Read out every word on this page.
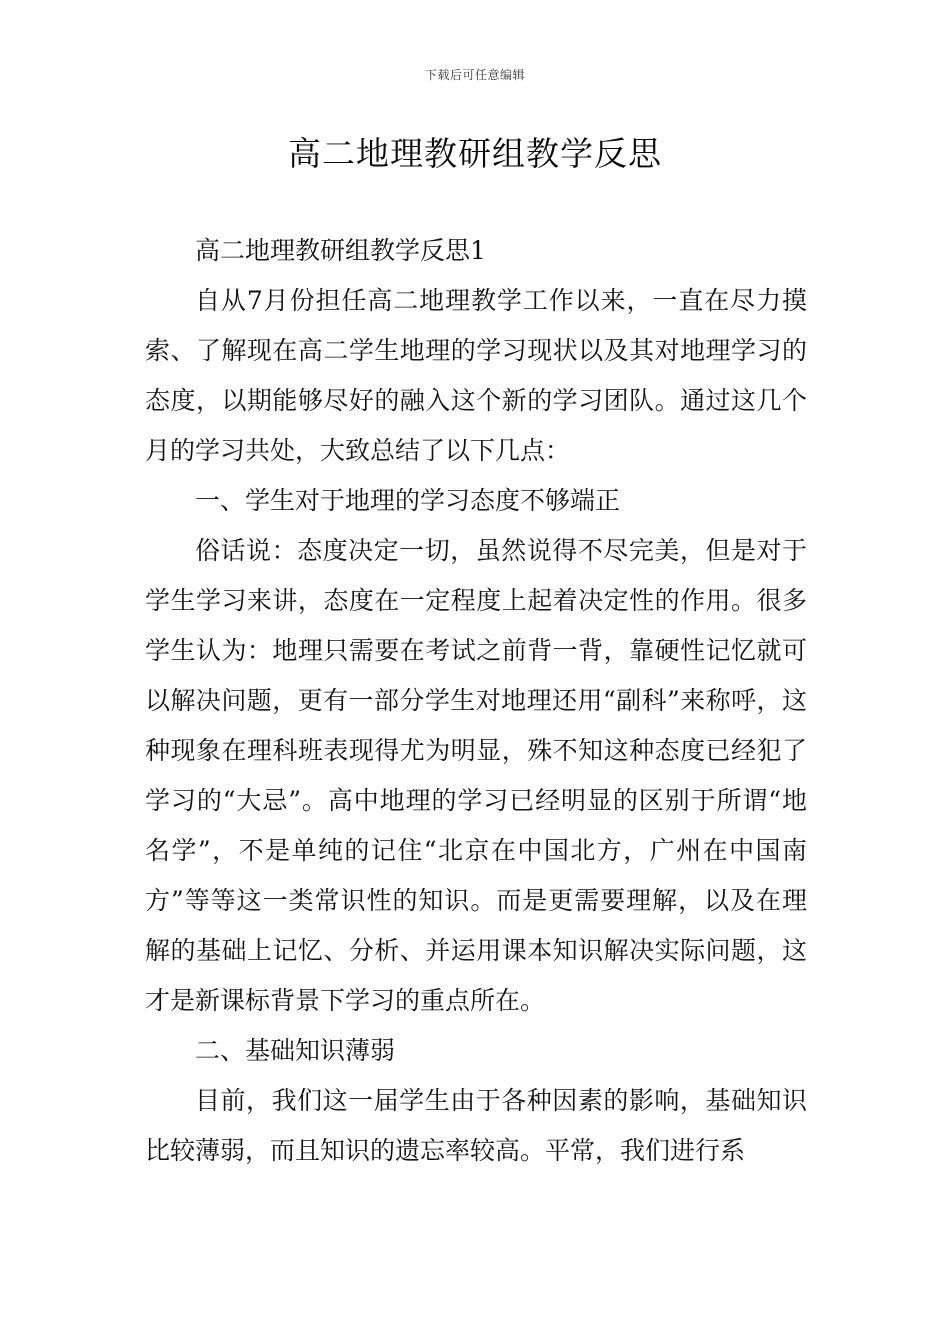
下载后可任意编辑
高二地理教研组教学反思

高二地理教研组教学反思1

自从7月份担任高二地理教学工作以来，一直在尽力摸索、了解现在高二学生地理的学习现状以及其对地理学习的态度，以期能够尽好的融入这个新的学习团队。通过这几个月的学习共处，大致总结了以下几点：

一、学生对于地理的学习态度不够端正

俗话说：态度决定一切，虽然说得不尽完美，但是对于学生学习来讲，态度在一定程度上起着决定性的作用。很多学生认为：地理只需要在考试之前背一背，靠硬性记忆就可以解决问题，更有一部分学生对地理还用“副科”来称呼，这种现象在理科班表现得尤为明显，殊不知这种态度已经犯了学习的“大忌”。高中地理的学习已经明显的区别于所谓“地名学”，不是单纯的记住“北京在中国北方，广州在中国南方”等等这一类常识性的知识。而是更需要理解，以及在理解的基础上记忆、分析、并运用课本知识解决实际问题，这才是新课标背景下学习的重点所在。

二、基础知识薄弱

目前，我们这一届学生由于各种因素的影响，基础知识比较薄弱，而且知识的遗忘率较高。平常，我们进行系
